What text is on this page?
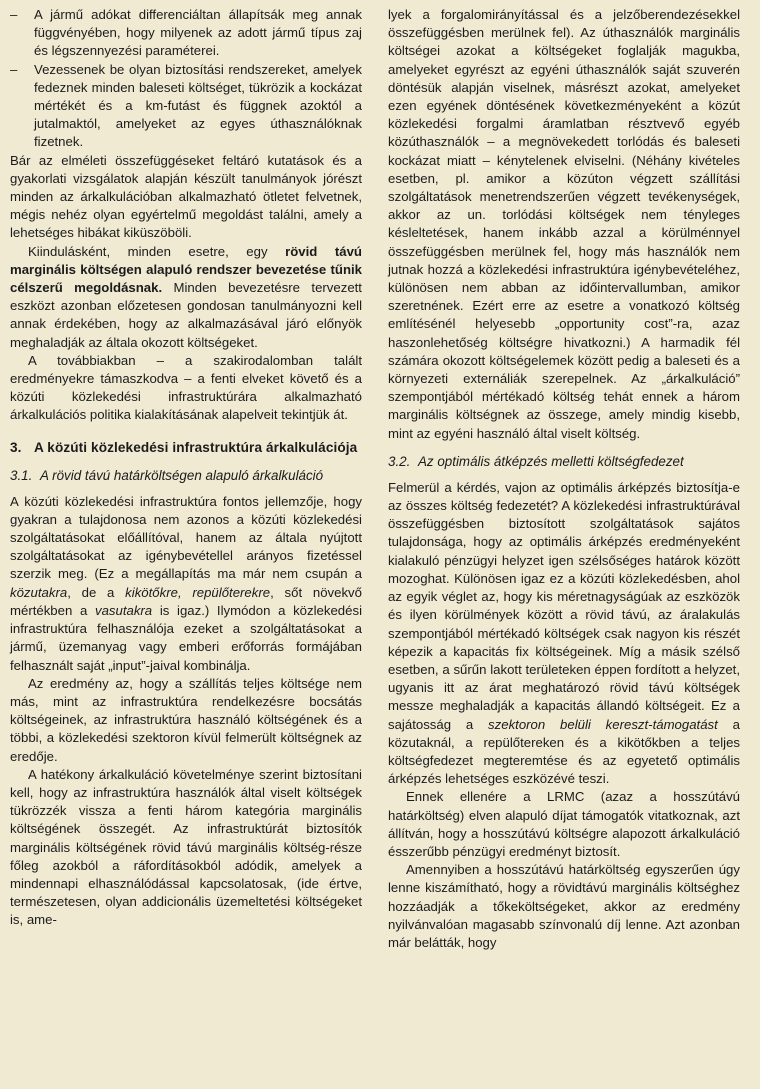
– A jármű adókat differenciáltan állapítsák meg annak függvényében, hogy milyenek az adott jármű típus zaj és légszennyezési paraméterei.
– Vezessenek be olyan biztosítási rendszereket, amelyek fedeznek minden baleseti költséget, tükrözik a kockázat mértékét és a km-futást és függnek azoktól a jutalmaktól, amelyeket az egyes úthasználóknak fizetnek.

Bár az elméleti összefüggéseket feltáró kutatások és a gyakorlati vizsgálatok alapján készült tanulmányok jórészt minden az árkalkulációban alkalmazható ötletet felvetnek, mégis nehéz olyan egyértelmű megoldást találni, amely a lehetséges hibákat kiküszöböli.

Kiindulásként, minden esetre, egy rövid távú marginális költségen alapuló rendszer bevezetése tűnik célszerű megoldásnak. Minden bevezetésre tervezett eszközt azonban előzetesen gondosan tanulmányozni kell annak érdekében, hogy az alkalmazásával járó előnyök meghaladják az általa okozott költségeket.

A továbbiakban – a szakirodalomban talált eredményekre támaszkodva – a fenti elveket követő és a közúti közlekedési infrastruktúrára alkalmazható árkalkulációs politika kialakításának alapelveit tekintjük át.

3. A közúti közlekedési infrastruktúra árkalkulációja
3.1. A rövid távú határköltségen alapuló árkalkuláció

A közúti közlekedési infrastruktúra fontos jellemzője, hogy gyakran a tulajdonosa nem azonos a közúti közlekedési szolgáltatásokat előállítóval, hanem az általa nyújtott szolgáltatásokat az igénybevétellel arányos fizetéssel szerzik meg. (Ez a megállapítás ma már nem csupán a közutakra, de a kikötőkre, repülőterekre, sőt növekvő mértékben a vasutakra is igaz.) Ilymódon a közlekedési infrastruktúra felhasználója ezeket a szolgáltatásokat a jármű, üzemanyag vagy emberi erőforrás formájában felhasznált saját „input”-jaival kombinálja.

Az eredmény az, hogy a szállítás teljes költsége nem más, mint az infrastruktúra rendelkezésre bocsátás költségeinek, az infrastruktúra használó költségének és a többi, a közlekedési szektoron kívül felmerült költségnek az eredője.

A hatékony árkalkuláció követelménye szerint biztosítani kell, hogy az infrastruktúra használók által viselt költségek tükrözzék vissza a fenti három kategória marginális költségének összegét. Az infrastruktúrát biztosítók marginális költségének rövid távú marginális költség-része főleg azokból a ráfordításokból adódik, amelyek a mindennapi elhasználódással kapcsolatosak, (ide értve, természetesen, olyan addicionális üzemeltetési költségeket is, ame-

lyek a forgalomirányítással és a jelzőberendezésekkel összefüggésben merülnek fel). Az úthasználók marginális költségei azokat a költségeket foglalják magukba, amelyeket egyrészt az egyéni úthasználók saját szuverén döntésük alapján viselnek, másrészt azokat, amelyeket ezen egyének döntésének következményeként a közút közlekedési forgalmi áramlatban résztvevő egyéb közúthasználók – a megnövekedett torlódás és baleseti kockázat miatt – kénytelenek elviselni. (Néhány kivételes esetben, pl. amikor a közúton végzett szállítási szolgáltatások menetrendszerűen végzett tevékenységek, akkor az un. torlódási költségek nem tényleges késleltetések, hanem inkább azzal a körülménnyel összefüggésben merülnek fel, hogy más használók nem jutnak hozzá a közlekedési infrastruktúra igénybevételéhez, különösen nem abban az időintervallumban, amikor szeretnének. Ezért erre az esetre a vonatkozó költség említésénél helyesebb „opportunity cost”-ra, azaz haszonlehetőség költségre hivatkozni.) A harmadik fél számára okozott költségelemek között pedig a baleseti és a környezeti externáliák szerepelnek. Az „árkalkuláció” szempontjából mértékadó költség tehát ennek a három marginális költségnek az összege, amely mindig kisebb, mint az egyéni használó által viselt költség.

3.2. Az optimális átképzés melletti költségfedezet

Felmerül a kérdés, vajon az optimális árképzés biztosítja-e az összes költség fedezetét? A közlekedési infrastruktúrával összefüggésben biztosított szolgáltatások sajátos tulajdonsága, hogy az optimális árképzés eredményeként kialakuló pénzügyi helyzet igen szélsőséges határok között mozoghat. Különösen igaz ez a közúti közlekedésben, ahol az egyik véglet az, hogy kis méretnagyságúak az eszközök és ilyen körülmények között a rövid távú, az áralakulás szempontjából mértékadó költségek csak nagyon kis részét képezik a kapacitás fix költségeinek. Míg a másik szélső esetben, a sűrűn lakott területeken éppen fordított a helyzet, ugyanis itt az árat meghatározó rövid távú költségek messze meghaladják a kapacitás állandó költségeit. Ez a sajátosság a szektoron belüli kereszt-támogatást a közutaknál, a repülőtereken és a kikötőkben a teljes költségfedezet megteremtése és az egyetető optimális árképzés lehetséges eszközévé teszi.

Ennek ellenére a LRMC (azaz a hosszútávú határköltség) elven alapuló díjat támogatók vitatkoznak, azt állítván, hogy a hosszútávú költségre alapozott árkalkuláció ésszerűbb pénzügyi eredményt biztosít.

Amennyiben a hosszútávú határköltség egyszerűen úgy lenne kiszámítható, hogy a rövidtávú marginális költséghez hozzáadják a tőkeköltségeket, akkor az eredmény nyilvánvalóan magasabb színvonalú díj lenne. Azt azonban már belátták, hogy
